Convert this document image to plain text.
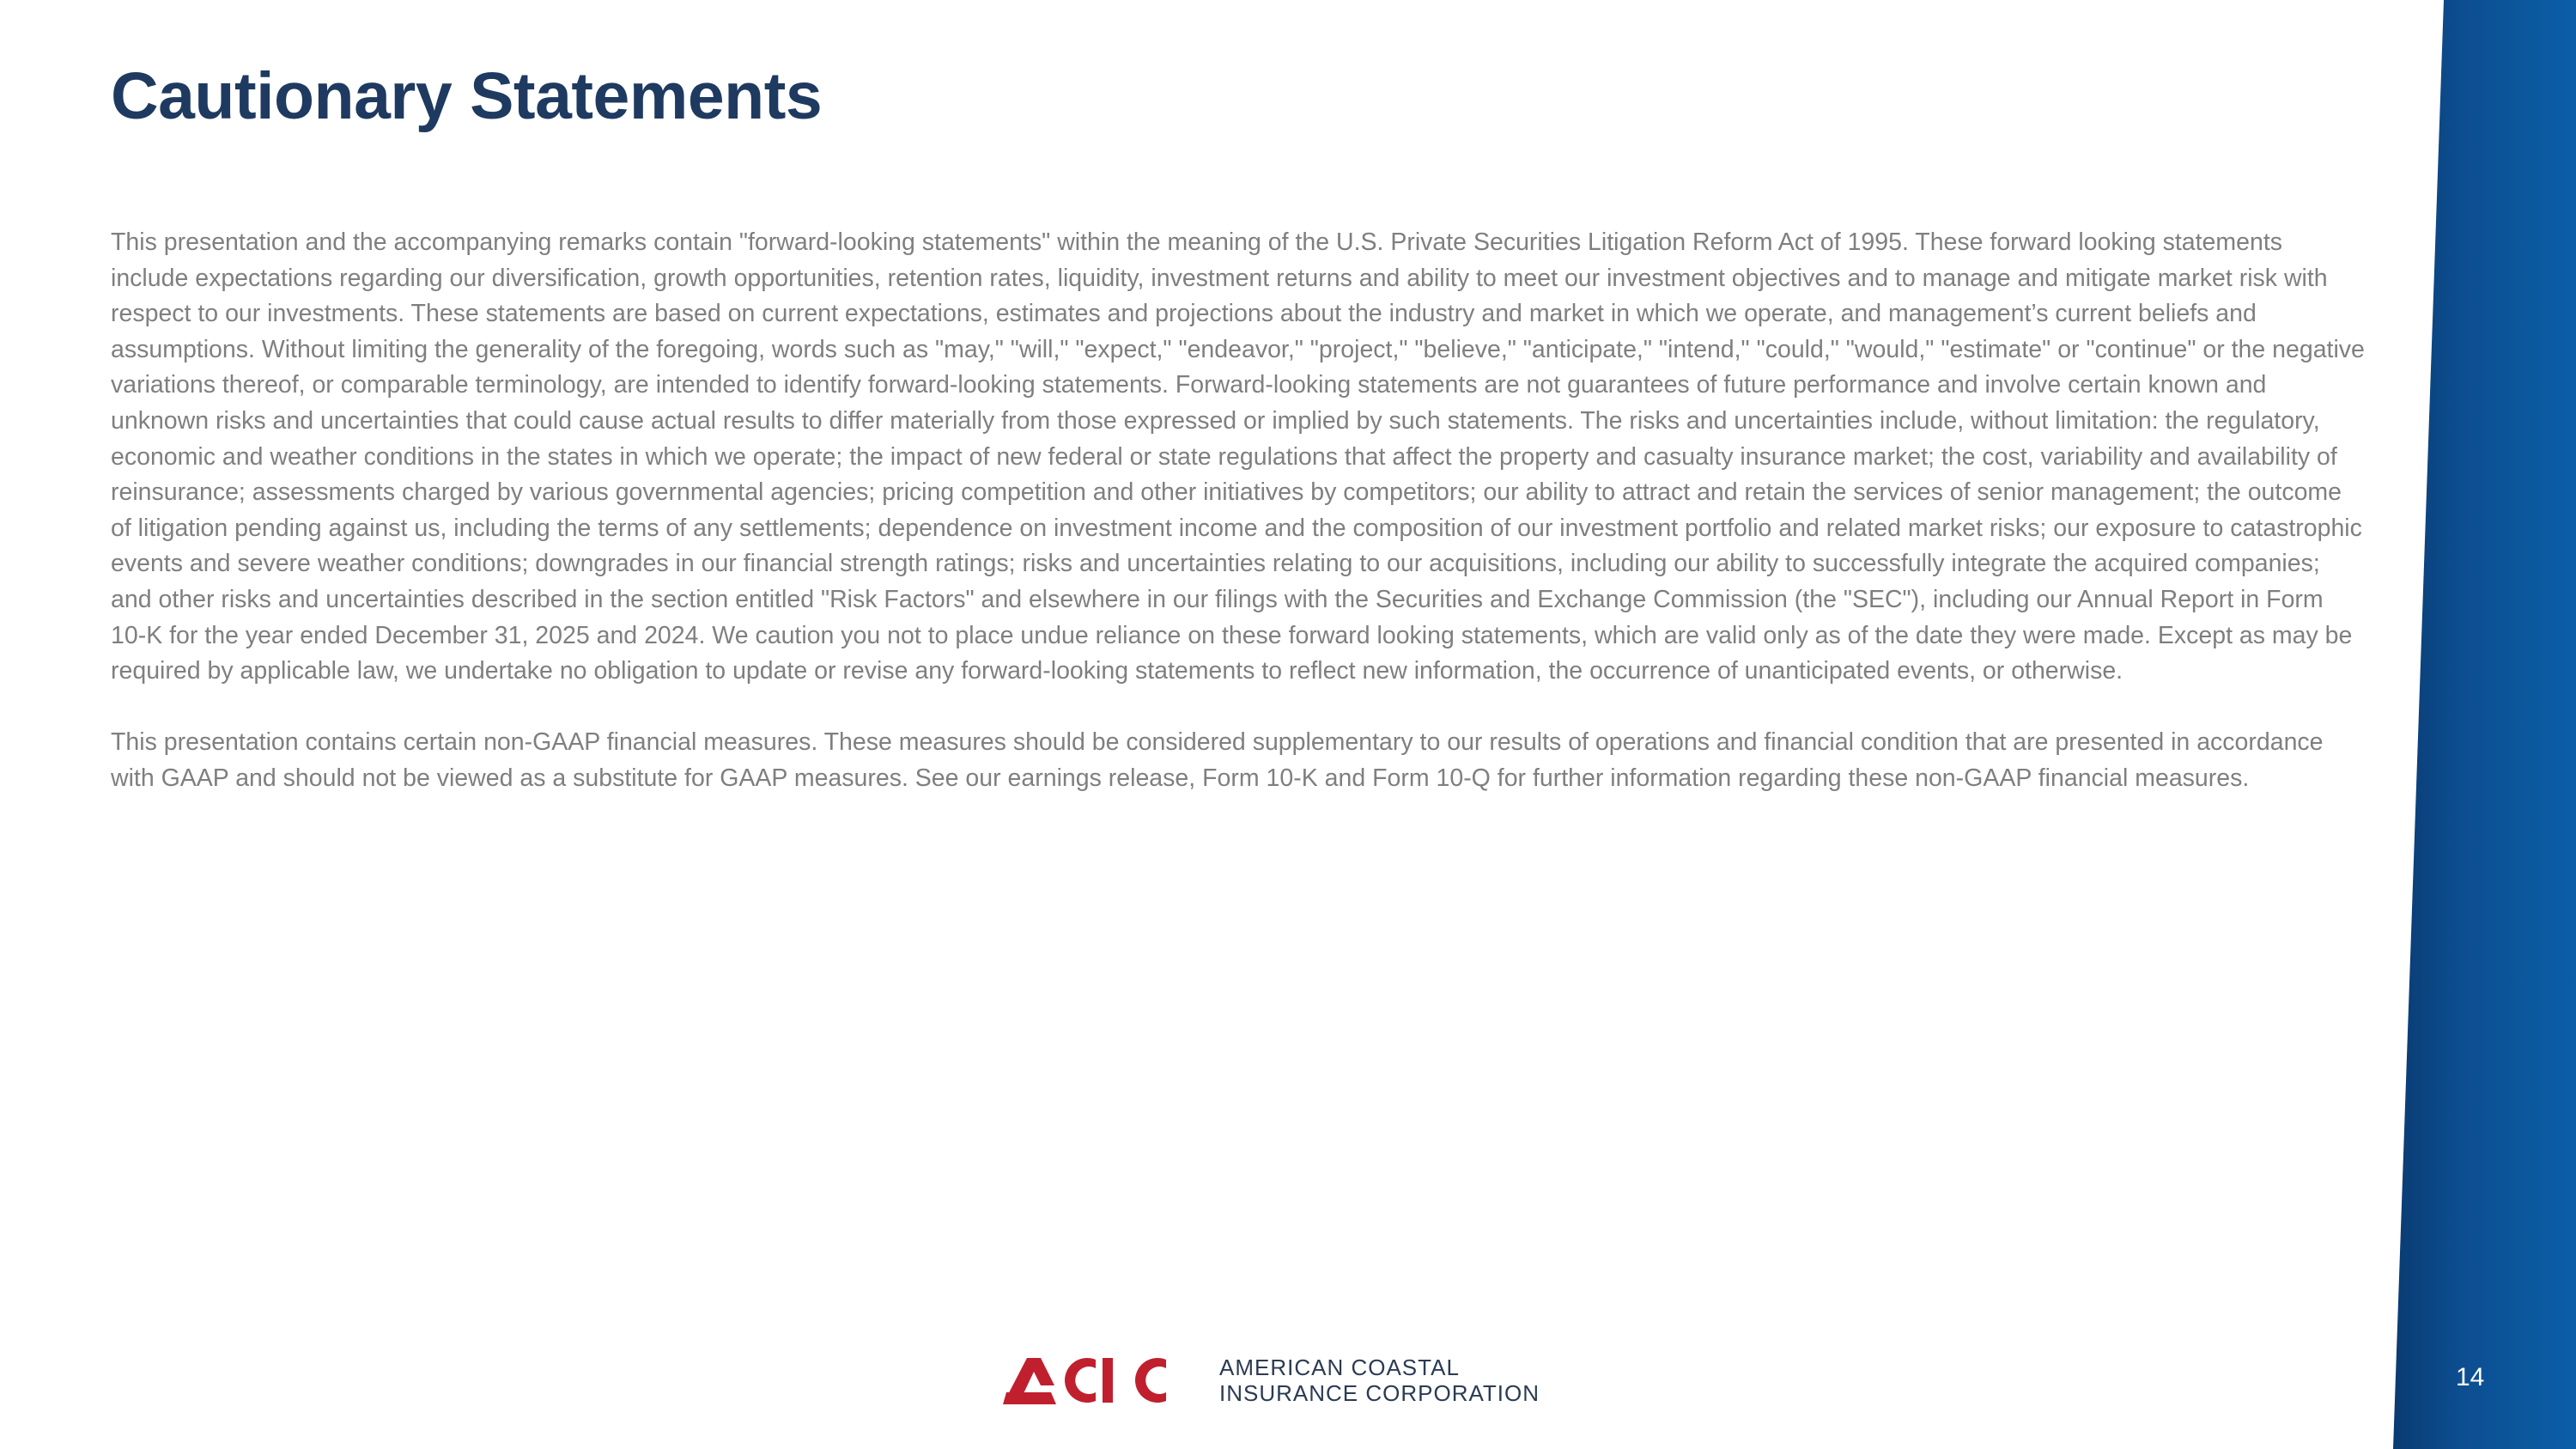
Cautionary Statements

This presentation and the accompanying remarks contain "forward-looking statements" within the meaning of the U.S. Private Securities Litigation Reform Act of 1995. These forward looking statements include expectations regarding our diversification, growth opportunities, retention rates, liquidity, investment returns and ability to meet our investment objectives and to manage and mitigate market risk with respect to our investments. These statements are based on current expectations, estimates and projections about the industry and market in which we operate, and management’s current beliefs and assumptions. Without limiting the generality of the foregoing, words such as "may," "will," "expect," "endeavor," "project," "believe," "anticipate," "intend," "could," "would," "estimate" or "continue" or the negative variations thereof, or comparable terminology, are intended to identify forward-looking statements. Forward-looking statements are not guarantees of future performance and involve certain known and unknown risks and uncertainties that could cause actual results to differ materially from those expressed or implied by such statements. The risks and uncertainties include, without limitation: the regulatory, economic and weather conditions in the states in which we operate; the impact of new federal or state regulations that affect the property and casualty insurance market; the cost, variability and availability of reinsurance; assessments charged by various governmental agencies; pricing competition and other initiatives by competitors; our ability to attract and retain the services of senior management; the outcome of litigation pending against us, including the terms of any settlements; dependence on investment income and the composition of our investment portfolio and related market risks; our exposure to catastrophic events and severe weather conditions; downgrades in our financial strength ratings; risks and uncertainties relating to our acquisitions, including our ability to successfully integrate the acquired companies; and other risks and uncertainties described in the section entitled "Risk Factors" and elsewhere in our filings with the Securities and Exchange Commission (the "SEC"), including our Annual Report in Form 10-K for the year ended December 31, 2025 and 2024. We caution you not to place undue reliance on these forward looking statements, which are valid only as of the date they were made. Except as may be required by applicable law, we undertake no obligation to update or revise any forward-looking statements to reflect new information, the occurrence of unanticipated events, or otherwise.

This presentation contains certain non-GAAP financial measures. These measures should be considered supplementary to our results of operations and financial condition that are presented in accordance with GAAP and should not be viewed as a substitute for GAAP measures. See our earnings release, Form 10-K and Form 10-Q for further information regarding these non-GAAP financial measures.

AMERICAN COASTAL
INSURANCE CORPORATION
14
